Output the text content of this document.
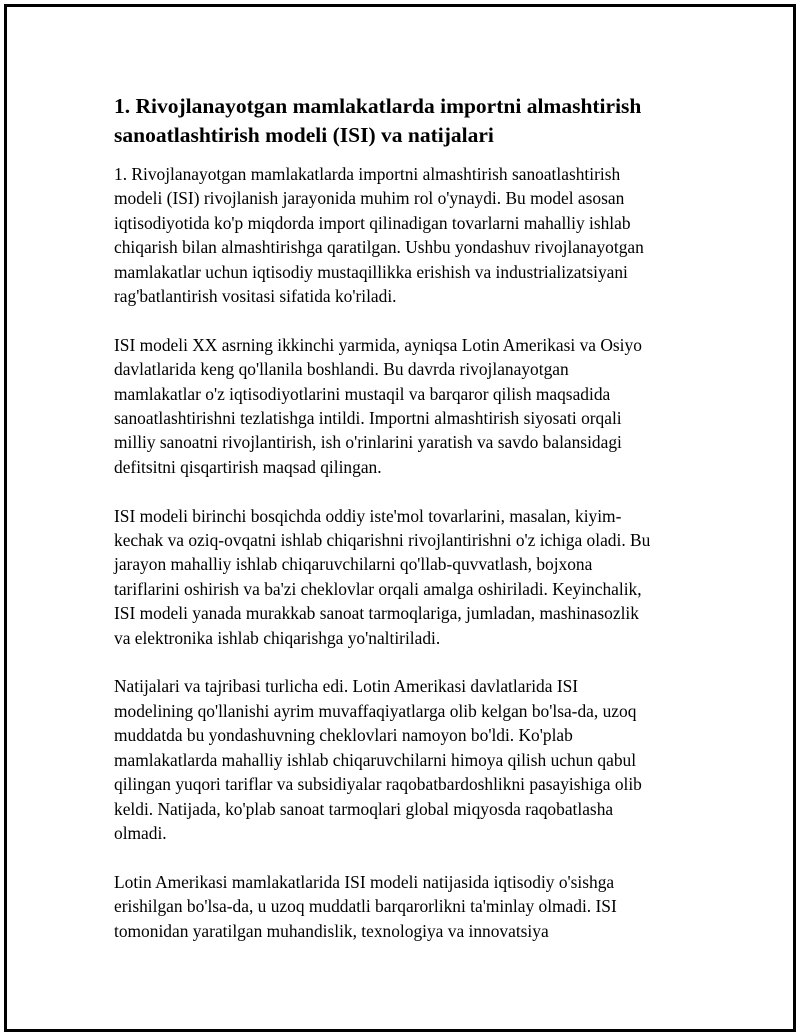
1. Rivojlanayotgan mamlakatlarda importni almashtirish
sanoatlashtirish modeli (ISI) va natijalari

1. Rivojlanayotgan mamlakatlarda importni almashtirish sanoatlashtirish
modeli (ISI) rivojlanish jarayonida muhim rol o'ynaydi. Bu model asosan
iqtisodiyotida ko'p miqdorda import qilinadigan tovarlarni mahalliy ishlab
chiqarish bilan almashtirishga qaratilgan. Ushbu yondashuv rivojlanayotgan
mamlakatlar uchun iqtisodiy mustaqillikka erishish va industrializatsiyani
rag'batlantirish vositasi sifatida ko'riladi.

ISI modeli XX asrning ikkinchi yarmida, ayniqsa Lotin Amerikasi va Osiyo
davlatlarida keng qo'llanila boshlandi. Bu davrda rivojlanayotgan
mamlakatlar o'z iqtisodiyotlarini mustaqil va barqaror qilish maqsadida
sanoatlashtirishni tezlatishga intildi. Importni almashtirish siyosati orqali
milliy sanoatni rivojlantirish, ish o'rinlarini yaratish va savdo balansidagi
defitsitni qisqartirish maqsad qilingan.

ISI modeli birinchi bosqichda oddiy iste'mol tovarlarini, masalan, kiyim-
kechak va oziq-ovqatni ishlab chiqarishni rivojlantirishni o'z ichiga oladi. Bu
jarayon mahalliy ishlab chiqaruvchilarni qo'llab-quvvatlash, bojxona
tariflarini oshirish va ba'zi cheklovlar orqali amalga oshiriladi. Keyinchalik,
ISI modeli yanada murakkab sanoat tarmoqlariga, jumladan, mashinasozlik
va elektronika ishlab chiqarishga yo'naltiriladi.

Natijalari va tajribasi turlicha edi. Lotin Amerikasi davlatlarida ISI
modelining qo'llanishi ayrim muvaffaqiyatlarga olib kelgan bo'lsa-da, uzoq
muddatda bu yondashuvning cheklovlari namoyon bo'ldi. Ko'plab
mamlakatlarda mahalliy ishlab chiqaruvchilarni himoya qilish uchun qabul
qilingan yuqori tariflar va subsidiyalar raqobatbardoshlikni pasayishiga olib
keldi. Natijada, ko'plab sanoat tarmoqlari global miqyosda raqobatlasha
olmadi.

Lotin Amerikasi mamlakatlarida ISI modeli natijasida iqtisodiy o'sishga
erishilgan bo'lsa-da, u uzoq muddatli barqarorlikni ta'minlay olmadi. ISI
tomonidan yaratilgan muhandislik, texnologiya va innovatsiya
